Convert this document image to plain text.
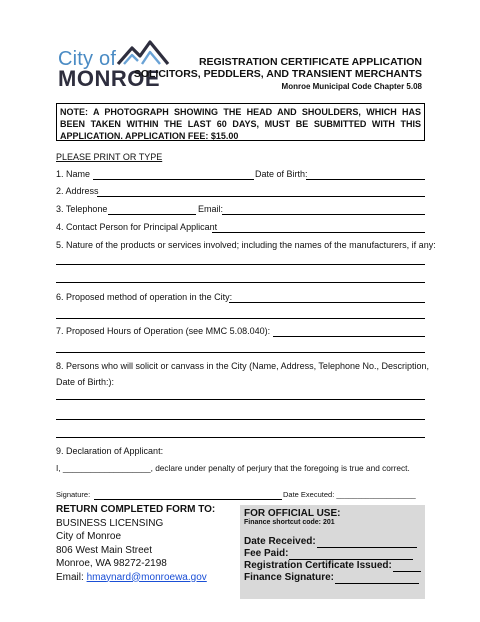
City of
MONROE
REGISTRATION CERTIFICATE APPLICATION
SOLICITORS, PEDDLERS, AND TRANSIENT MERCHANTS
Monroe Municipal Code Chapter 5.08
NOTE: A PHOTOGRAPH SHOWING THE HEAD AND SHOULDERS, WHICH HAS BEEN TAKEN WITHIN THE LAST 60 DAYS, MUST BE SUBMITTED WITH THIS APPLICATION. APPLICATION FEE: $15.00
PLEASE PRINT OR TYPE
1. Name	Date of Birth:
2. Address
3. Telephone	Email:
4. Contact Person for Principal Applicant
5. Nature of the products or services involved; including the names of the manufacturers, if any:
6. Proposed method of operation in the City:
7. Proposed Hours of Operation (see MMC 5.08.040):
8. Persons who will solicit or canvass in the City (Name, Address, Telephone No., Description,
Date of Birth:):
9. Declaration of Applicant:
I, ___________________, declare under penalty of perjury that the foregoing is true and correct.
Signature:	Date Executed: ___________________
RETURN COMPLETED FORM TO:
BUSINESS LICENSING
City of Monroe
806 West Main Street
Monroe, WA 98272-2198
Email: hmaynard@monroewa.gov
FOR OFFICIAL USE:
Finance shortcut code: 201
Date Received:
Fee Paid:
Registration Certificate Issued:
Finance Signature:
